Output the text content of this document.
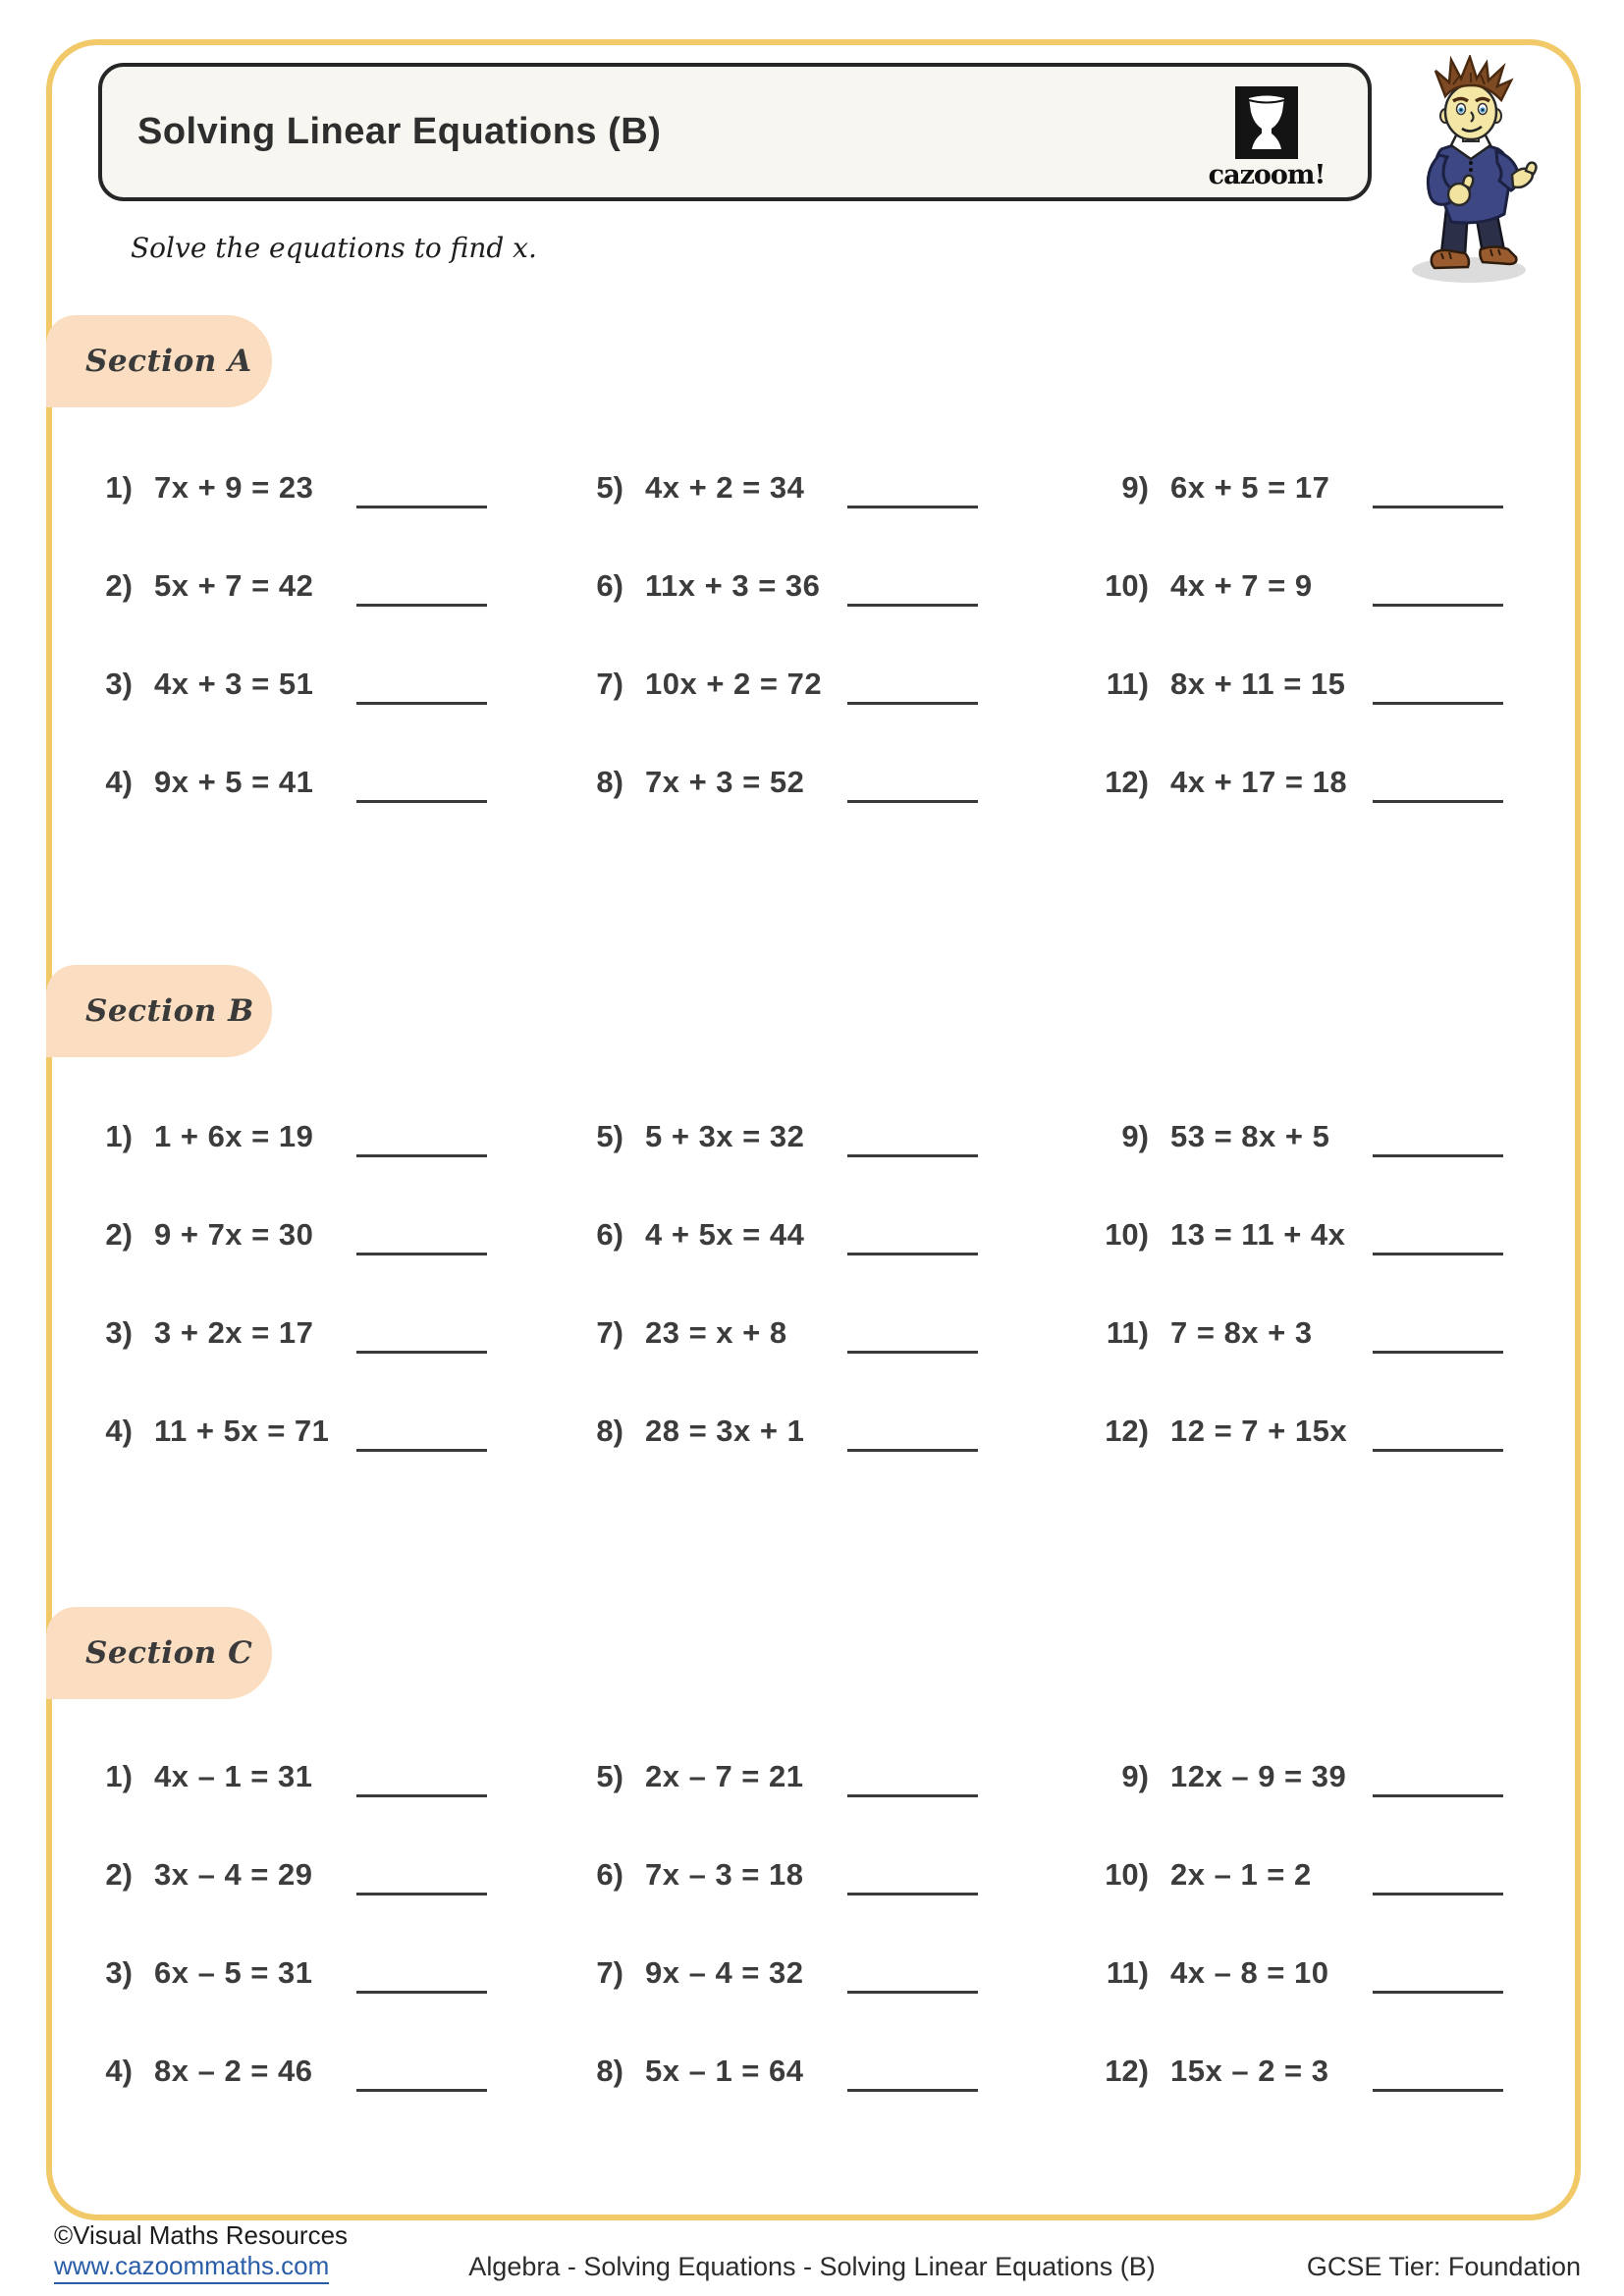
Solving Linear Equations (B)
cazoom!
Solve the equations to find x.
Section A
1) 7x + 9 = 23
2) 5x + 7 = 42
3) 4x + 3 = 51
4) 9x + 5 = 41
5) 4x + 2 = 34
6) 11x + 3 = 36
7) 10x + 2 = 72
8) 7x + 3 = 52
9) 6x + 5 = 17
10) 4x + 7 = 9
11) 8x + 11 = 15
12) 4x + 17 = 18
Section B
1) 1 + 6x = 19
2) 9 + 7x = 30
3) 3 + 2x = 17
4) 11 + 5x = 71
5) 5 + 3x = 32
6) 4 + 5x = 44
7) 23 = x + 8
8) 28 = 3x + 1
9) 53 = 8x + 5
10) 13 = 11 + 4x
11) 7 = 8x + 3
12) 12 = 7 + 15x
Section C
1) 4x – 1 = 31
2) 3x – 4 = 29
3) 6x – 5 = 31
4) 8x – 2 = 46
5) 2x – 7 = 21
6) 7x – 3 = 18
7) 9x – 4 = 32
8) 5x – 1 = 64
9) 12x – 9 = 39
10) 2x – 1 = 2
11) 4x – 8 = 10
12) 15x – 2 = 3
©Visual Maths Resources
www.cazoommaths.com	Algebra - Solving Equations - Solving Linear Equations (B)	GCSE Tier: Foundation
